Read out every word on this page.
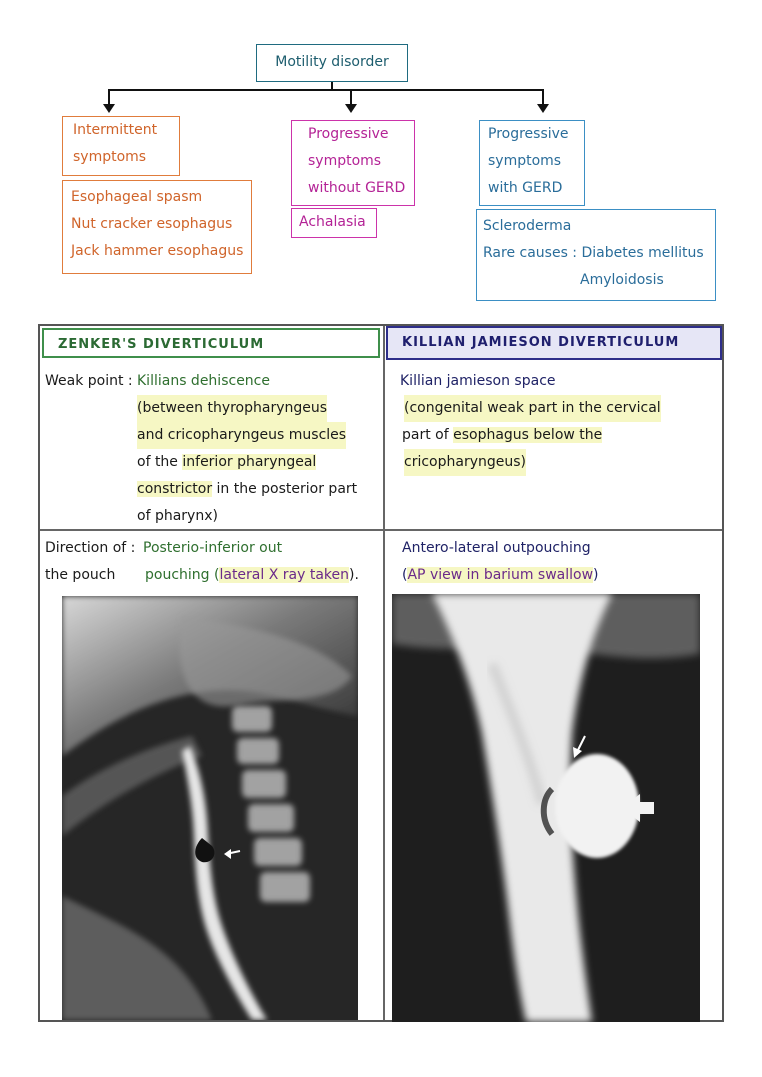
Motility disorder
Intermittent
symptoms
Esophageal spasm
Nut cracker esophagus
Jack hammer esophagus
Progressive
symptoms
without GERD
Achalasia
Progressive
symptoms
with GERD
Scleroderma
Rare causes : Diabetes mellitus
Amyloidosis
ZENKER'S DIVERTICULUM	KILLIAN JAMIESON DIVERTICULUM
Weak point : Killians dehiscence
(between thyropharyngeus
and cricopharyngeus muscles
of the inferior pharyngeal
constrictor in the posterior part
of pharynx)
Killian jamieson space
(congenital weak part in the cervical
part of esophagus below the
cricopharyngeus)
Direction of :
the pouch
Posterio-inferior out
pouching (lateral X ray taken).
Antero-lateral outpouching
(AP view in barium swallow)
